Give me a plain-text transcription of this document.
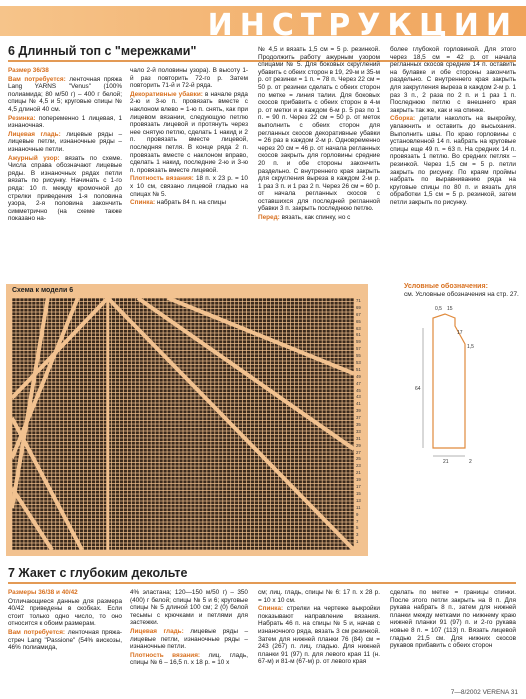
ИНСТРУКЦИИ
6 Длинный топ с "мережками"

Размер 36/38

Вам потребуется: ленточная пряжа Lang YARNS "Venus" (100% полиамида; 80 м/50 г) – 400 г белой; спицы № 4,5 и 5; круговые спицы № 4,5 длиной 40 см.

Резинка: попеременно 1 лицевая, 1 изнаночная.

Лицевая гладь: лицевые ряды – лицевые петли, изнаночные ряды – изнаночные петли.

Ажурный узор: вязать по схеме. Числа справа обозначают лицевые ряды. В изнаночных рядах петли вязать по рисунку. Начинать с 1-го ряда: 10 п. между кромочной до стрелки приведения 1-я половина узора, 2-я половина закончить симметрично (на схеме также показано на-

чало 2-й половины узора). В высоту 1-й раз повторить 72-го р. Затем повторить 71-й и 72-й ряда.

Декоративные убавки: в начале ряда 2-ю и 3-ю п. провязать вместе с наклоном влево = 1-ю п. снять, как при лицевом вязании, следующую петлю провязать лицевой и протянуть через нее снятую петлю, сделать 1 накид и 2 п. провязать вместе лицевой, последняя петля. В конце ряда 2 п. провязать вместе с наклоном вправо, сделать 1 накид, последние 2-ю и 3-ю п. провязать вместе лицевой.

Плотность вязания: 18 п. x 23 р. = 10 x 10 см, связано лицевой гладью на спицах № 5.

Спинка: набрать 84 п. на спицы

№ 4,5 и вязать 1,5 см = 5 р. резинкой. Продолжить работу ажурным узором спицами № 5. Для боковых скруглений убавить с обеих сторон в 19, 29-м и 35-м р. от резинки = 1 п. = 78 п. Через 22 см = 50 р. от резинки сделать с обеих сторон по метке = линия талии. Для боковых скосов прибавить с обеих сторон в 4-м р. от метки и в каждом 6-м р. 5 раз по 1 п. = 90 п. Через 22 см = 50 р. от меток выполнить с обеих сторон для регланных скосов декоративные убавки = 26 раз в каждом 2-м р. Одновременно через 20 см = 46 р. от начала регланных скосов закрыть для горловины средние 20 п. и обе стороны закончить раздельно. С внутреннего края закрыть для скругления выреза в каждом 2-м р. 1 раз 3 п. и 1 раз 2 п. Через 26 см = 60 р. от начала регланных скосов с оставшихся для последней регланной убавки 3 п. закрыть последнюю петлю.

Перед: вязать, как спинку, но с

более глубокой горловиной. Для этого через 18,5 см = 42 р. от начала регланных скосов средние 14 п. оставить на булавке и обе стороны закончить раздельно. С внутреннего края закрыть для закругления выреза в каждом 2-м р. 1 раз 3 п., 2 раза по 2 п. и 1 раз 1 п. Последнюю петлю с внешнего края закрыть так же, как и на спинке.

Сборка: детали наколоть на выкройку, увлажнить и оставить до высыхания. Выполнить швы. По краю горловины с установленной 14 п. набрать на круговые спицы еще 49 п. = 63 п. На средних 14 п. провязать 1 петлю. Во средних петлях – резинкой. Через 1,5 см = 5 р. петли закрыть по рисунку. По краям проймы набрать по выравниванию ряда на круговые спицы по 80 п. и вязать для обработки 1,5 см = 5 р. резинкой, затем петли закрыть по рисунку.

Схема к модели 6
71
69
67
65
63
61
59
57
55
53
51
49
47
45
43
41
39
37
35
33
31
29
27
25
23
21
19
17
15
13
11
9
7
5
3
1
Условные обозначения:
см. Условные обозначения на стр. 27.
0,5 15
17
1,5
64
21	2
7 Жакет с глубоким декольте

Размеры 36/38 и 40/42

Отличающиеся данные для размера 40/42 приведены в скобках. Если стоит только одно число, то оно относится к обоим размерам.

Вам потребуется: ленточная пряжа-стреч Lang "Passione" (54% вискозы, 46% полиамида,

4% эластана; 120—150 м/50 г) – 350 (400) г белой; спицы № 5 и 6; круговые спицы № 5 длиной 100 см; 2 (0) белой тесьмы с крючками и петлями для застежки.

Лицевая гладь: лицевые ряды – лицевые петли, изнаночные ряды – изнаночные петли.

Плотность вязания: лиц. гладь, спицы № 6 – 16,5 п. x 18 р. = 10 x

см; лиц. гладь, спицы № 6: 17 п. x 28 р. = 10 x 10 см.

Спинка: стрелки на чертеже выкройки показывают направление вязания. Набрать 46 п. на спицы № 5 и, начав с изнаночного ряда, вязать 3 см резинкой. Затем для нижней планки 76 (84) см = 243 (267) п. лиц. гладью. Для нижней планки 91 (97) п. для левого края 11 (н. 67-м) и 81-м (67-м) р. от левого края

сделать по метке = границы спинки. После этого петли закрыть на 8 п. Для рукава набрать 8 п., затем для нижней планки между метками по нижнему краю нижней планки 91 (97) п. и 2-го рукава новые 8 п. = 107 (113) п. Вязать лицевой гладью 21,5 см. Для нижних скосов рукавов прибавить с обеих сторон

7—8/2002 VERENA 31
